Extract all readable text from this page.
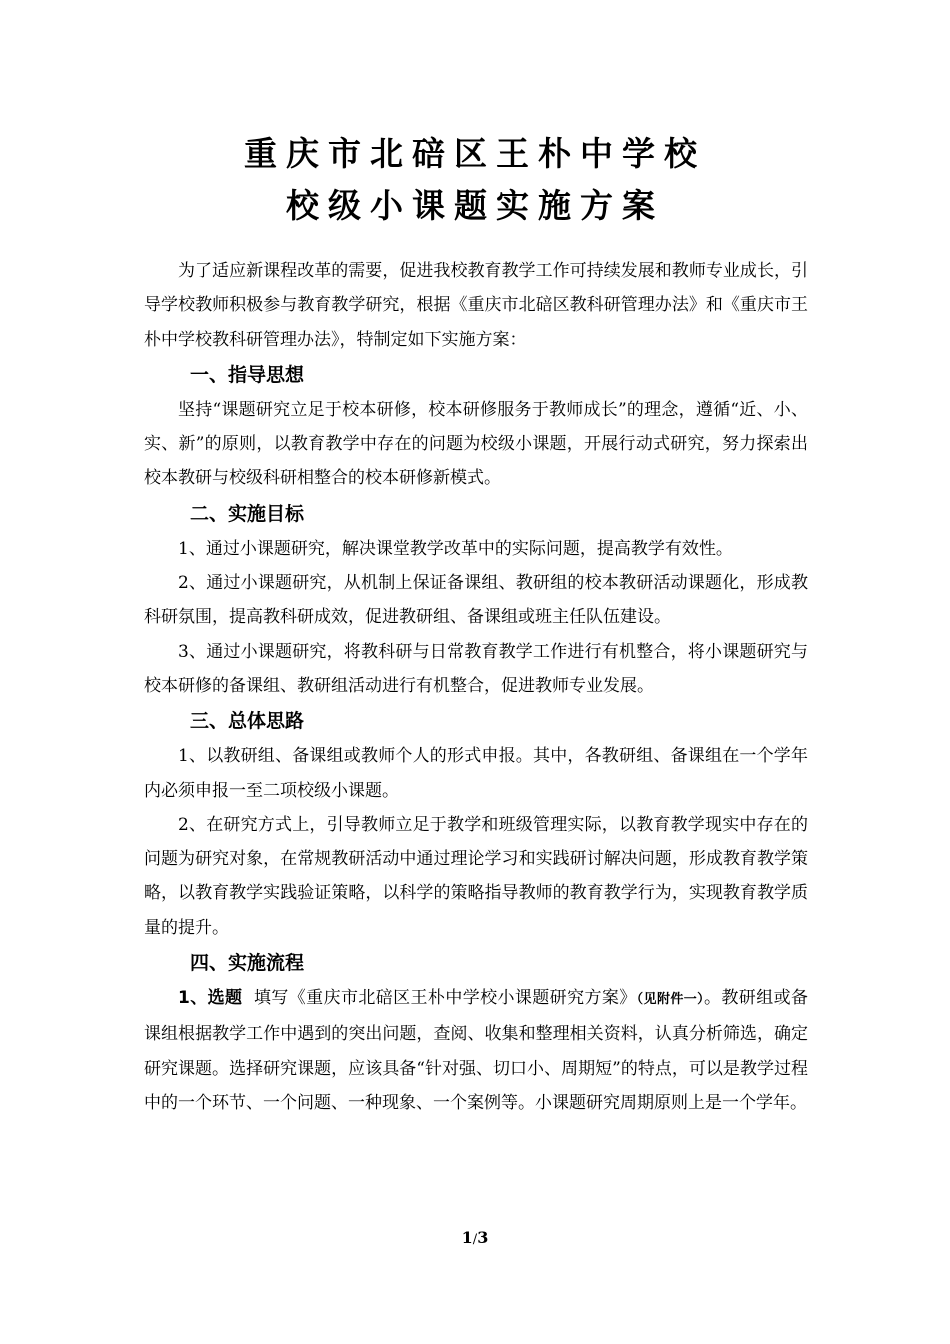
重庆市北碚区王朴中学校
校级小课题实施方案

为了适应新课程改革的需要，促进我校教育教学工作可持续发展和教师专业成长，引导学校教师积极参与教育教学研究，根据《重庆市北碚区教科研管理办法》和《重庆市王朴中学校教科研管理办法》，特制定如下实施方案：

一、指导思想

坚持“课题研究立足于校本研修，校本研修服务于教师成长”的理念，遵循“近、小、实、新”的原则，以教育教学中存在的问题为校级小课题，开展行动式研究，努力探索出校本教研与校级科研相整合的校本研修新模式。

二、实施目标

1、通过小课题研究，解决课堂教学改革中的实际问题，提高教学有效性。

2、通过小课题研究，从机制上保证备课组、教研组的校本教研活动课题化，形成教科研氛围，提高教科研成效，促进教研组、备课组或班主任队伍建设。

3、通过小课题研究，将教科研与日常教育教学工作进行有机整合，将小课题研究与校本研修的备课组、教研组活动进行有机整合，促进教师专业发展。

三、总体思路

1、以教研组、备课组或教师个人的形式申报。其中，各教研组、备课组在一个学年内必须申报一至二项校级小课题。

2、在研究方式上，引导教师立足于教学和班级管理实际，以教育教学现实中存在的问题为研究对象，在常规教研活动中通过理论学习和实践研讨解决问题，形成教育教学策略，以教育教学实践验证策略，以科学的策略指导教师的教育教学行为，实现教育教学质量的提升。

四、实施流程

1、选题 填写《重庆市北碚区王朴中学校小课题研究方案》（见附件一）。教研组或备课组根据教学工作中遇到的突出问题，查阅、收集和整理相关资料，认真分析筛选，确定研究课题。选择研究课题，应该具备“针对强、切口小、周期短”的特点，可以是教学过程中的一个环节、一个问题、一种现象、一个案例等。小课题研究周期原则上是一个学年。

1/3
